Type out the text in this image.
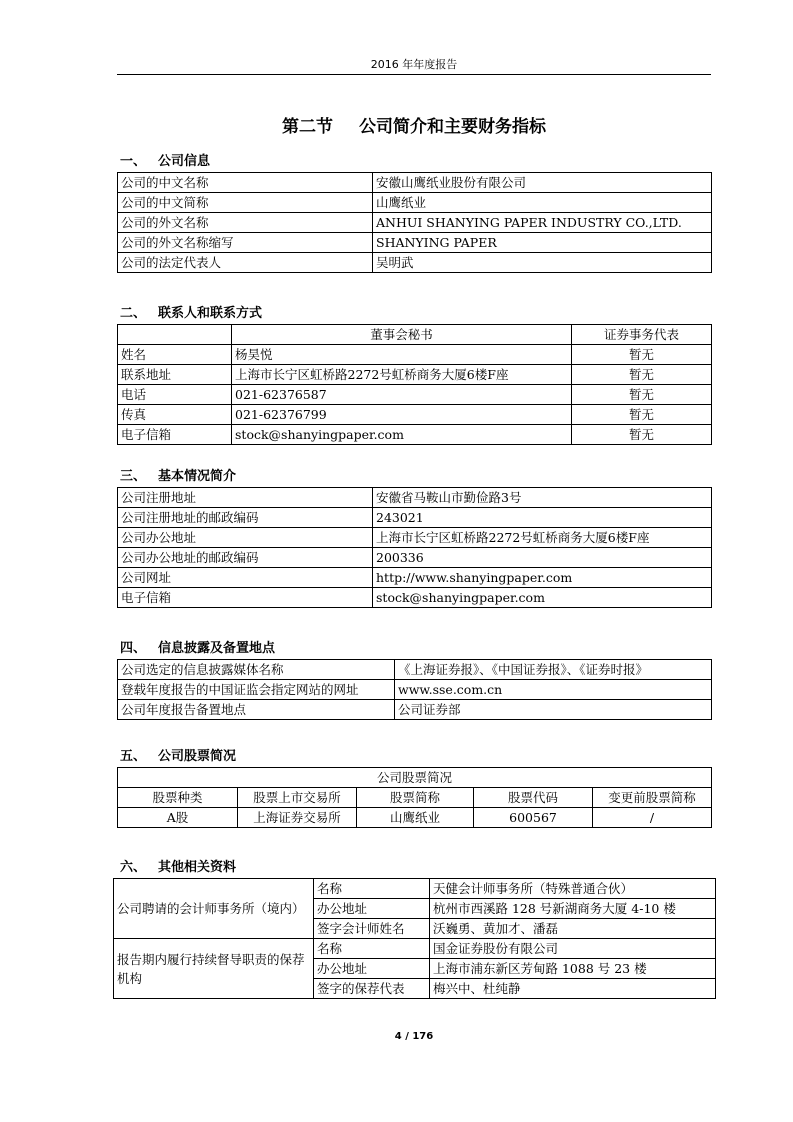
2016 年年度报告
第二节 公司简介和主要财务指标
一、 公司信息
公司的中文名称	安徽山鹰纸业股份有限公司
公司的中文简称	山鹰纸业
公司的外文名称	ANHUI SHANYING PAPER INDUSTRY CO.,LTD.
公司的外文名称缩写	SHANYING PAPER
公司的法定代表人	吴明武
二、 联系人和联系方式
	董事会秘书	证券事务代表
姓名	杨昊悦	暂无
联系地址	上海市长宁区虹桥路2272号虹桥商务大厦6楼F座	暂无
电话	021-62376587	暂无
传真	021-62376799	暂无
电子信箱	stock@shanyingpaper.com	暂无
三、 基本情况简介
公司注册地址	安徽省马鞍山市勤俭路3号
公司注册地址的邮政编码	243021
公司办公地址	上海市长宁区虹桥路2272号虹桥商务大厦6楼F座
公司办公地址的邮政编码	200336
公司网址	http://www.shanyingpaper.com
电子信箱	stock@shanyingpaper.com
四、 信息披露及备置地点
公司选定的信息披露媒体名称	《上海证券报》、《中国证券报》、《证券时报》
登载年度报告的中国证监会指定网站的网址	www.sse.com.cn
公司年度报告备置地点	公司证券部
五、 公司股票简况
公司股票简况				
股票种类	股票上市交易所	股票简称	股票代码	变更前股票简称
A股	上海证券交易所	山鹰纸业	600567	/
六、 其他相关资料
公司聘请的会计师事务所（境内）	名称	天健会计师事务所（特殊普通合伙）
	办公地址	杭州市西溪路 128 号新湖商务大厦 4-10 楼
	签字会计师姓名	沃巍勇、黄加才、潘磊
报告期内履行持续督导职责的保荐机构	名称	国金证券股份有限公司
	办公地址	上海市浦东新区芳甸路 1088 号 23 楼
	签字的保荐代表	梅兴中、杜纯静
4 / 176
